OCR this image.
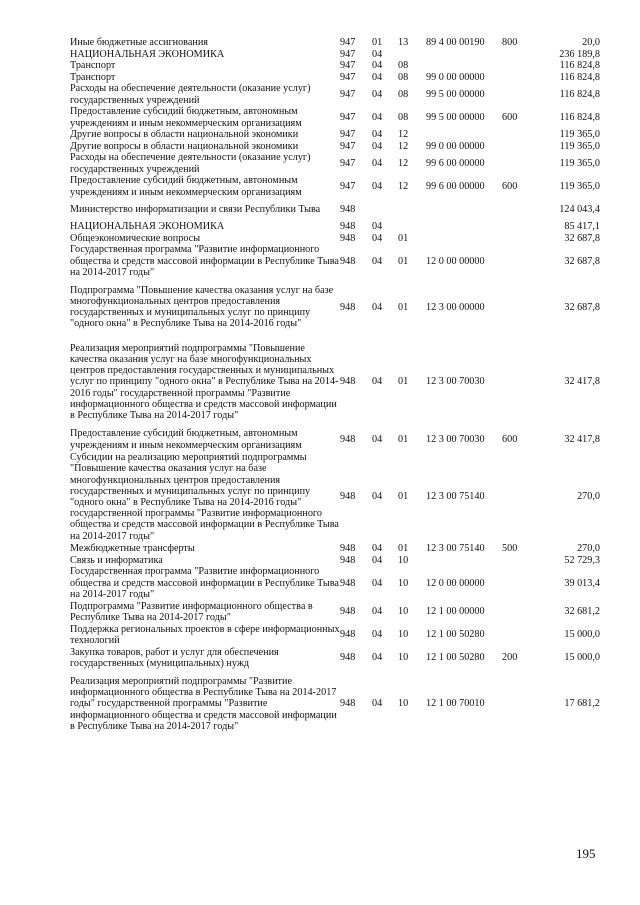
Иные бюджетные ассигнования	947	01	13	89 4 00 00190	800	20,0
НАЦИОНАЛЬНАЯ ЭКОНОМИКА	947	04				236 189,8
Транспорт	947	04	08			116 824,8
Транспорт	947	04	08	99 0 00 00000		116 824,8
Расходы на обеспечение деятельности (оказание услуг) государственных учреждений	947	04	08	99 5 00 00000		116 824,8
Предоставление субсидий бюджетным, автономным учреждениям и иным некоммерческим организациям	947	04	08	99 5 00 00000	600	116 824,8
Другие вопросы в области национальной экономики	947	04	12			119 365,0
Другие вопросы в области национальной экономики	947	04	12	99 0 00 00000		119 365,0
Расходы на обеспечение деятельности (оказание услуг) государственных учреждений	947	04	12	99 6 00 00000		119 365,0
Предоставление субсидий бюджетным, автономным учреждениям и иным некоммерческим организациям	947	04	12	99 6 00 00000	600	119 365,0
Министерство информатизации и связи Республики Тыва	948					124 043,4
НАЦИОНАЛЬНАЯ ЭКОНОМИКА	948	04				85 417,1
Общеэкономические вопросы	948	04	01			32 687,8
Государственная программа "Развитие информационного общества и средств массовой информации в Республике Тыва на 2014-2017 годы"	948	04	01	12 0 00 00000		32 687,8
Подпрограмма "Повышение качества оказания услуг на базе многофункциональных центров предоставления государственных и муниципальных услуг по принципу "одного окна" в Республике Тыва на 2014-2016 годы"	948	04	01	12 3 00 00000		32 687,8
Реализация мероприятий подпрограммы "Повышение качества оказания услуг на базе многофункциональных центров предоставления государственных и муниципальных услуг по принципу "одного окна" в Республике Тыва на 2014-2016 годы" государственной программы "Развитие информационного общества и средств массовой информации в Республике Тыва на 2014-2017 годы"	948	04	01	12 3 00 70030		32 417,8
Предоставление субсидий бюджетным, автономным учреждениям и иным некоммерческим организациям	948	04	01	12 3 00 70030	600	32 417,8
Субсидии на реализацию мероприятий подпрограммы "Повышение качества оказания услуг на базе многофункциональных центров предоставления государственных и муниципальных услуг по принципу "одного окна" в Республике Тыва на 2014-2016 годы" государственной программы "Развитие информационного общества и средств массовой информации в Республике Тыва на 2014-2017 годы"	948	04	01	12 3 00 75140		270,0
Межбюджетные трансферты	948	04	01	12 3 00 75140	500	270,0
Связь и информатика	948	04	10			52 729,3
Государственная программа "Развитие информационного общества и средств массовой информации в Республике Тыва на 2014-2017 годы"	948	04	10	12 0 00 00000		39 013,4
Подпрограмма "Развитие информационного общества в Республике Тыва на 2014-2017 годы"	948	04	10	12 1 00 00000		32 681,2
Поддержка региональных проектов в сфере информационных технологий	948	04	10	12 1 00 50280		15 000,0
Закупка товаров, работ и услуг для обеспечения государственных (муниципальных) нужд	948	04	10	12 1 00 50280	200	15 000,0
Реализация мероприятий подпрограммы "Развитие информационного общества в Республике Тыва на 2014-2017 годы" государственной программы "Развитие информационного общества и средств массовой информации в Республике Тыва на 2014-2017 годы"	948	04	10	12 1 00 70010		17 681,2
195
